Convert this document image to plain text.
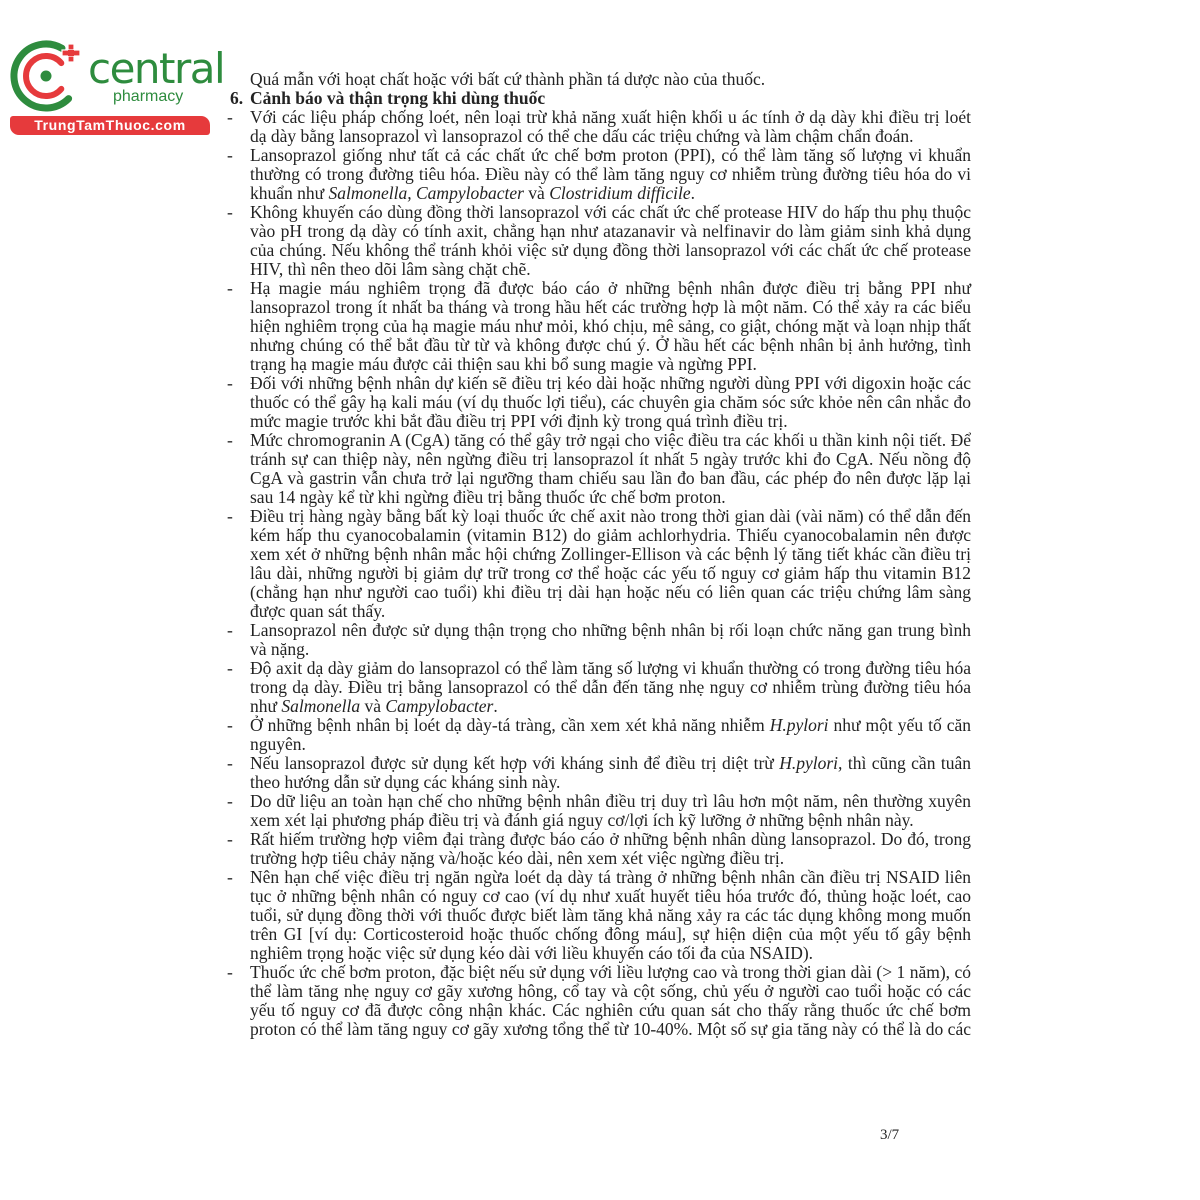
central
pharmacy
TrungTamThuoc.com

Quá mẫn với hoạt chất hoặc với bất cứ thành phần tá dược nào của thuốc.

6. Cảnh báo và thận trọng khi dùng thuốc
- Với các liệu pháp chống loét, nên loại trừ khả năng xuất hiện khối u ác tính ở dạ dày khi điều trị loét dạ dày bằng lansoprazol vì lansoprazol có thể che dấu các triệu chứng và làm chậm chẩn đoán.

- Lansoprazol giống như tất cả các chất ức chế bơm proton (PPI), có thể làm tăng số lượng vi khuẩn thường có trong đường tiêu hóa. Điều này có thể làm tăng nguy cơ nhiễm trùng đường tiêu hóa do vi khuẩn như Salmonella, Campylobacter và Clostridium difficile.

- Không khuyến cáo dùng đồng thời lansoprazol với các chất ức chế protease HIV do hấp thu phụ thuộc vào pH trong dạ dày có tính axit, chẳng hạn như atazanavir và nelfinavir do làm giảm sinh khả dụng của chúng. Nếu không thể tránh khỏi việc sử dụng đồng thời lansoprazol với các chất ức chế protease HIV, thì nên theo dõi lâm sàng chặt chẽ.

- Hạ magie máu nghiêm trọng đã được báo cáo ở những bệnh nhân được điều trị bằng PPI như lansoprazol trong ít nhất ba tháng và trong hầu hết các trường hợp là một năm. Có thể xảy ra các biểu hiện nghiêm trọng của hạ magie máu như mỏi, khó chịu, mê sảng, co giật, chóng mặt và loạn nhịp thất nhưng chúng có thể bắt đầu từ từ và không được chú ý. Ở hầu hết các bệnh nhân bị ảnh hưởng, tình trạng hạ magie máu được cải thiện sau khi bổ sung magie và ngừng PPI.

- Đối với những bệnh nhân dự kiến sẽ điều trị kéo dài hoặc những người dùng PPI với digoxin hoặc các thuốc có thể gây hạ kali máu (ví dụ thuốc lợi tiểu), các chuyên gia chăm sóc sức khỏe nên cân nhắc đo mức magie trước khi bắt đầu điều trị PPI với định kỳ trong quá trình điều trị.

- Mức chromogranin A (CgA) tăng có thể gây trở ngại cho việc điều tra các khối u thần kinh nội tiết. Để tránh sự can thiệp này, nên ngừng điều trị lansoprazol ít nhất 5 ngày trước khi đo CgA. Nếu nồng độ CgA và gastrin vẫn chưa trở lại ngưỡng tham chiếu sau lần đo ban đầu, các phép đo nên được lặp lại sau 14 ngày kể từ khi ngừng điều trị bằng thuốc ức chế bơm proton.

- Điều trị hàng ngày bằng bất kỳ loại thuốc ức chế axit nào trong thời gian dài (vài năm) có thể dẫn đến kém hấp thu cyanocobalamin (vitamin B12) do giảm achlorhydria. Thiếu cyanocobalamin nên được xem xét ở những bệnh nhân mắc hội chứng Zollinger-Ellison và các bệnh lý tăng tiết khác cần điều trị lâu dài, những người bị giảm dự trữ trong cơ thể hoặc các yếu tố nguy cơ giảm hấp thu vitamin B12 (chẳng hạn như người cao tuổi) khi điều trị dài hạn hoặc nếu có liên quan các triệu chứng lâm sàng được quan sát thấy.

- Lansoprazol nên được sử dụng thận trọng cho những bệnh nhân bị rối loạn chức năng gan trung bình và nặng.

- Độ axit dạ dày giảm do lansoprazol có thể làm tăng số lượng vi khuẩn thường có trong đường tiêu hóa trong dạ dày. Điều trị bằng lansoprazol có thể dẫn đến tăng nhẹ nguy cơ nhiễm trùng đường tiêu hóa như Salmonella và Campylobacter.

- Ở những bệnh nhân bị loét dạ dày-tá tràng, cần xem xét khả năng nhiễm H.pylori như một yếu tố căn nguyên.

- Nếu lansoprazol được sử dụng kết hợp với kháng sinh để điều trị diệt trừ H.pylori, thì cũng cần tuân theo hướng dẫn sử dụng các kháng sinh này.

- Do dữ liệu an toàn hạn chế cho những bệnh nhân điều trị duy trì lâu hơn một năm, nên thường xuyên xem xét lại phương pháp điều trị và đánh giá nguy cơ/lợi ích kỹ lưỡng ở những bệnh nhân này.

- Rất hiếm trường hợp viêm đại tràng được báo cáo ở những bệnh nhân dùng lansoprazol. Do đó, trong trường hợp tiêu chảy nặng và/hoặc kéo dài, nên xem xét việc ngừng điều trị.

- Nên hạn chế việc điều trị ngăn ngừa loét dạ dày tá tràng ở những bệnh nhân cần điều trị NSAID liên tục ở những bệnh nhân có nguy cơ cao (ví dụ như xuất huyết tiêu hóa trước đó, thủng hoặc loét, cao tuổi, sử dụng đồng thời với thuốc được biết làm tăng khả năng xảy ra các tác dụng không mong muốn trên GI [ví dụ: Corticosteroid hoặc thuốc chống đông máu], sự hiện diện của một yếu tố gây bệnh nghiêm trọng hoặc việc sử dụng kéo dài với liều khuyến cáo tối đa của NSAID).

- Thuốc ức chế bơm proton, đặc biệt nếu sử dụng với liều lượng cao và trong thời gian dài (> 1 năm), có thể làm tăng nhẹ nguy cơ gãy xương hông, cổ tay và cột sống, chủ yếu ở người cao tuổi hoặc có các yếu tố nguy cơ đã được công nhận khác. Các nghiên cứu quan sát cho thấy rằng thuốc ức chế bơm proton có thể làm tăng nguy cơ gãy xương tổng thể từ 10-40%. Một số sự gia tăng này có thể là do các

3/7
